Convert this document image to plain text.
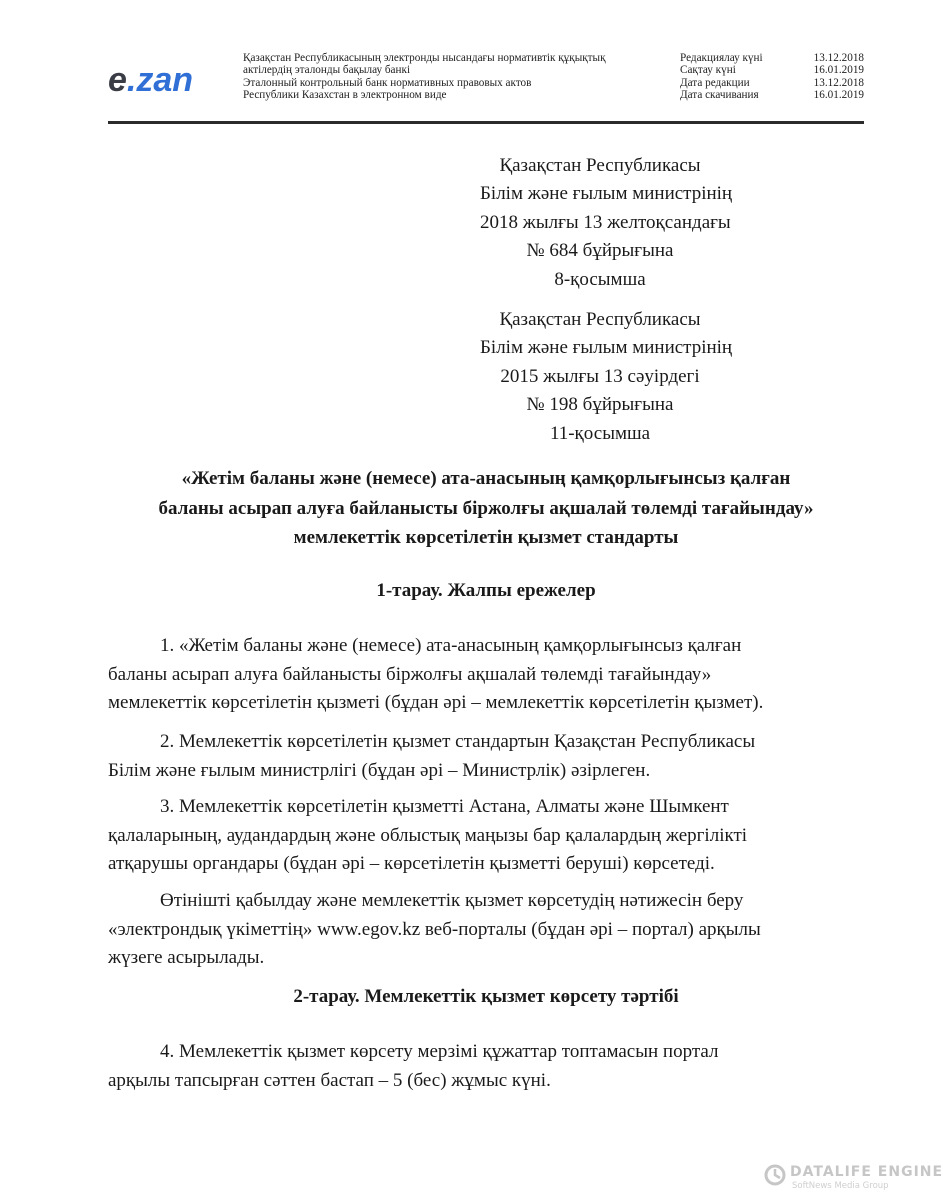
e.zan
Қазақстан Республикасының электронды нысандағы нормативтік құқықтық
актілердің эталонды бақылау банкі
Эталонный контрольный банк нормативных правовых актов
Республики Казахстан в электронном виде
Редакциялау күні	13.12.2018
Сақтау күні	16.01.2019
Дата редакции	13.12.2018
Дата скачивания	16.01.2019
Қазақстан Республикасы
Білім және ғылым министрінің
2018 жылғы 13 желтоқсандағы
№ 684 бұйрығына
8-қосымша
Қазақстан Республикасы
Білім және ғылым министрінің
2015 жылғы 13 сәуірдегі
№ 198 бұйрығына
11-қосымша
«Жетім баланы және (немесе) ата-анасының қамқорлығынсыз қалған
баланы асырап алуға байланысты біржолғы ақшалай төлемді тағайындау»
мемлекеттік көрсетілетін қызмет стандарты
1-тарау. Жалпы ережелер
1. «Жетім баланы және (немесе) ата-анасының қамқорлығынсыз қалған
баланы асырап алуға байланысты біржолғы ақшалай төлемді тағайындау»
мемлекеттік көрсетілетін қызметі (бұдан әрі – мемлекеттік көрсетілетін қызмет).
2. Мемлекеттік көрсетілетін қызмет стандартын Қазақстан Республикасы
Білім және ғылым министрлігі (бұдан әрі – Министрлік) әзірлеген.
3. Мемлекеттік көрсетілетін қызметті Астана, Алматы және Шымкент
қалаларының, аудандардың және облыстық маңызы бар қалалардың жергілікті
атқарушы органдары (бұдан әрі – көрсетілетін қызметті беруші) көрсетеді.
Өтінішті қабылдау және мемлекеттік қызмет көрсетудің нәтижесін беру
«электрондық үкіметтің» www.egov.kz веб-порталы (бұдан әрі – портал) арқылы
жүзеге асырылады.
2-тарау. Мемлекеттік қызмет көрсету тәртібі
4. Мемлекеттік қызмет көрсету мерзімі құжаттар топтамасын портал
арқылы тапсырған сәттен бастап – 5 (бес) жұмыс күні.
DATALIFE ENGINE
SoftNews Media Group
